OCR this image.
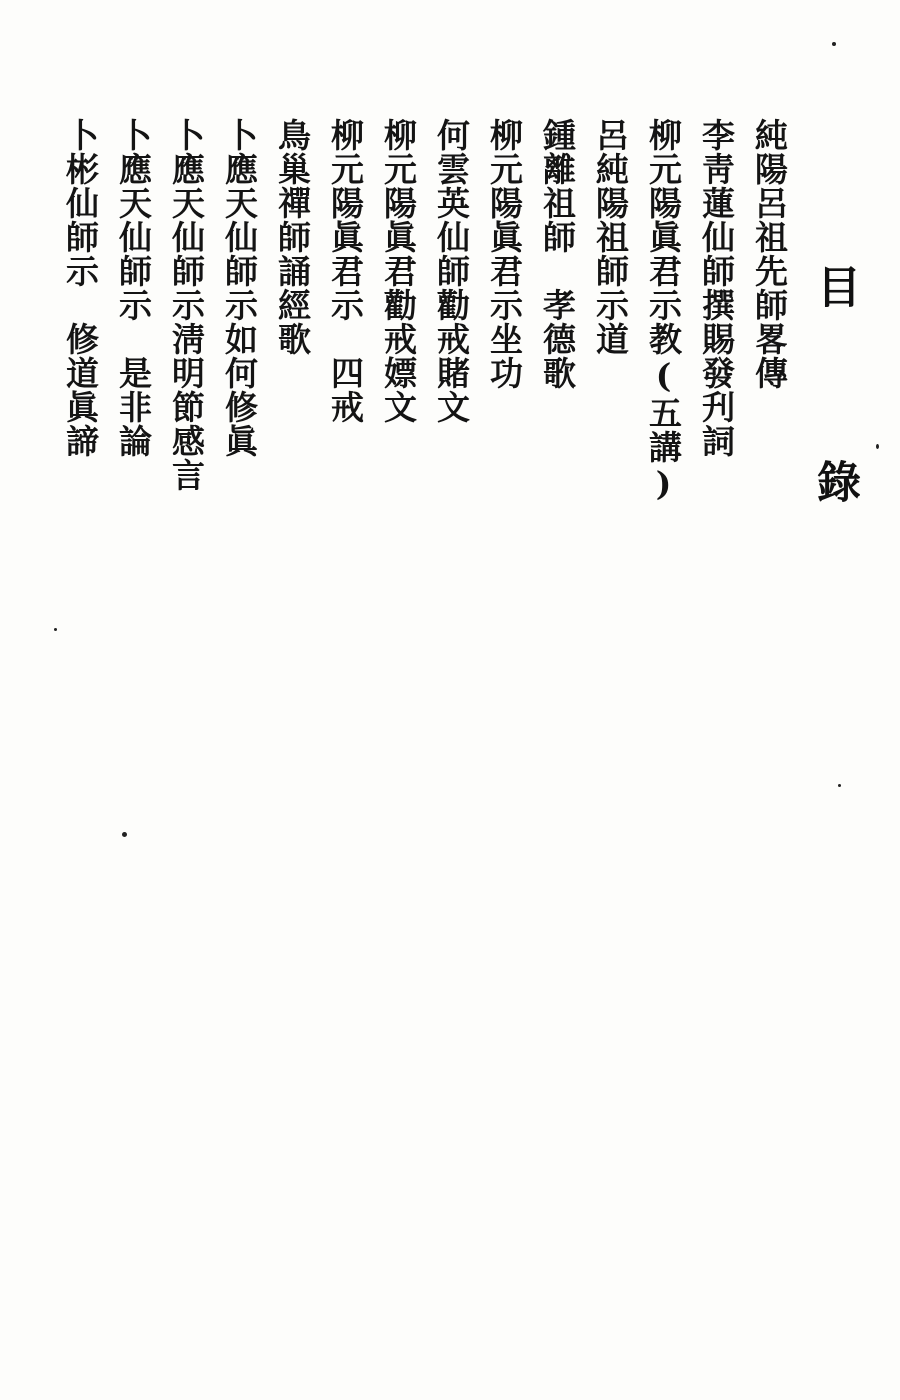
目 錄
純陽呂祖先師畧傳
李靑蓮仙師撰賜發刋詞
柳元陽眞君示教(五講)
呂純陽祖師示道
鍾離祖師孝德歌
柳元陽眞君示坐功
何雲英仙師勸戒賭文
柳元陽眞君勸戒嫖文
柳元陽眞君示四戒
鳥巢禪師誦經歌
卜應天仙師示如何修眞
卜應天仙師示淸明節感言
卜應天仙師示是非論
卜彬仙師示修道眞諦
